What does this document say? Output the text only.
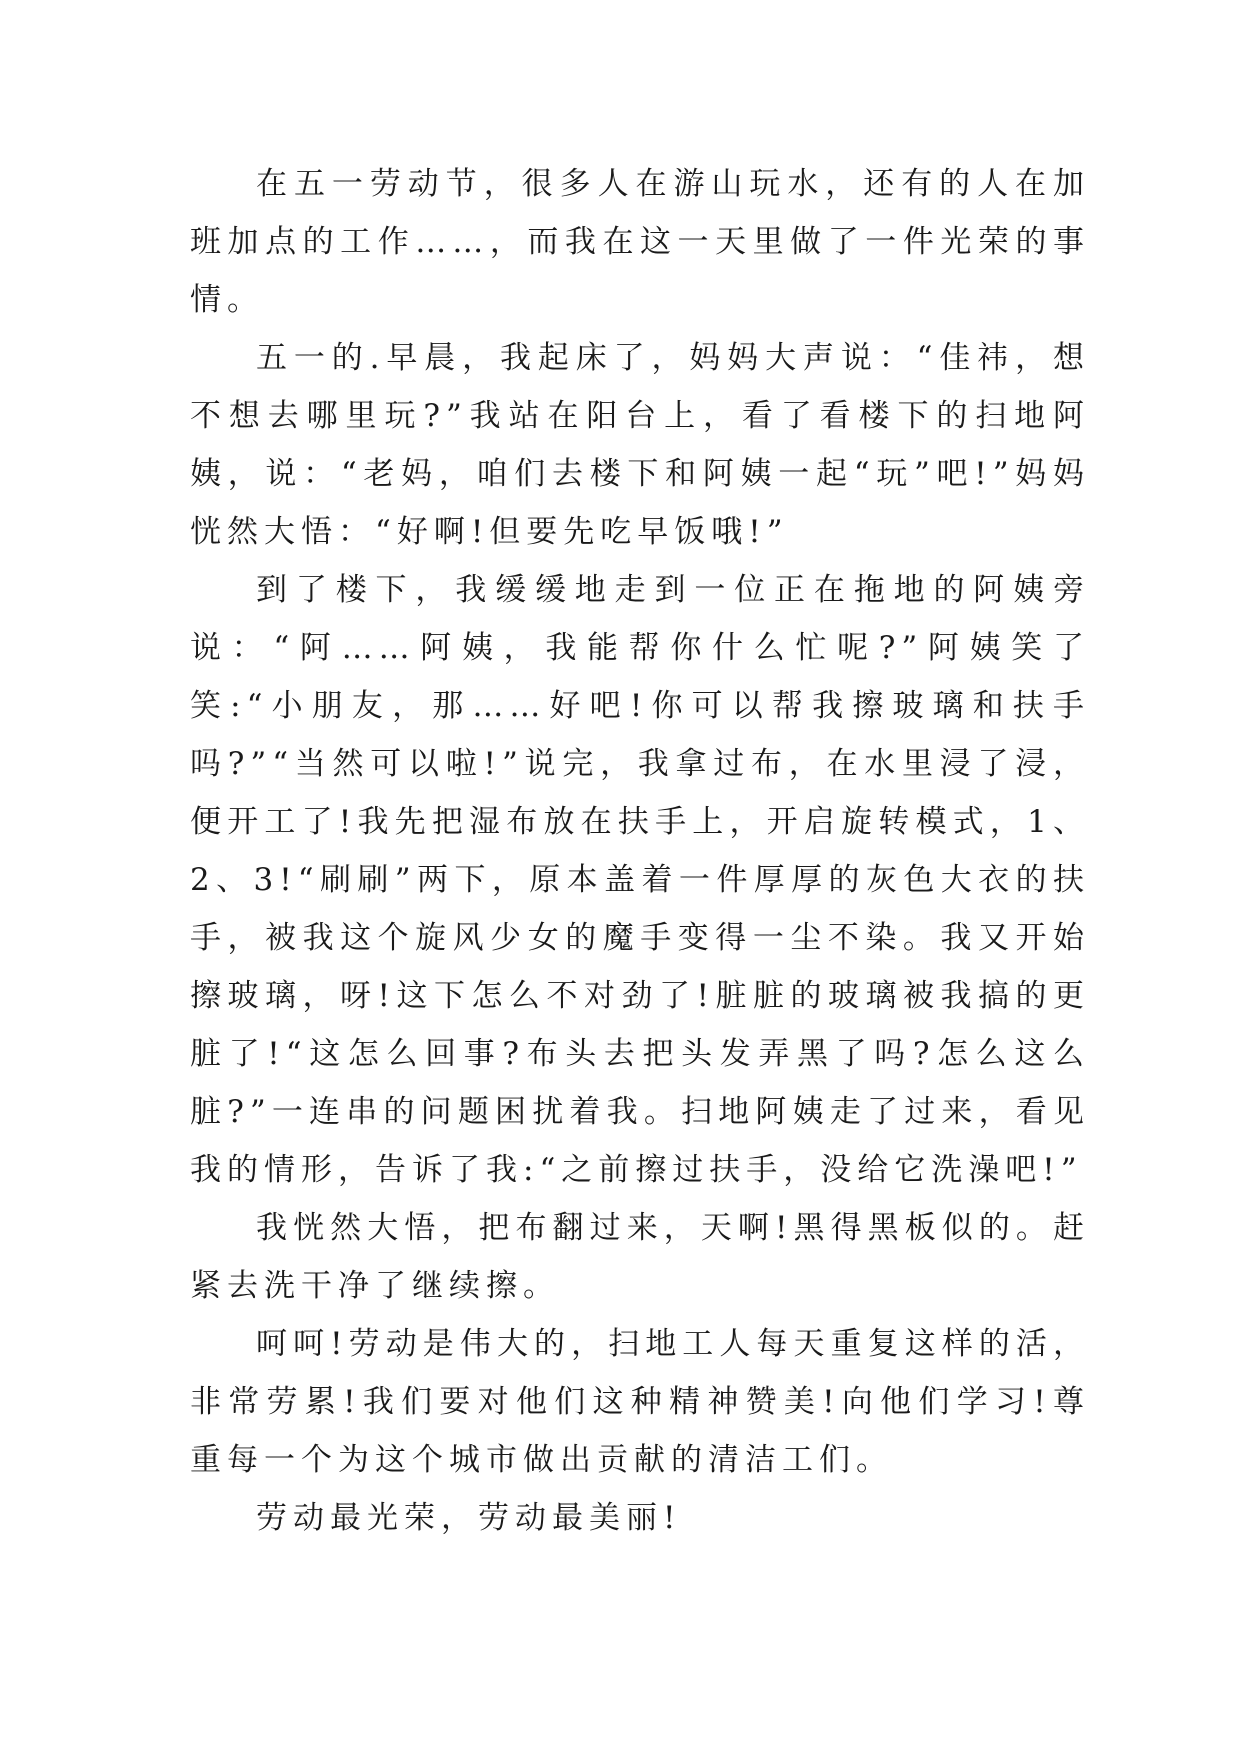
在五一劳动节，很多人在游山玩水，还有的人在加班加点的工作……，而我在这一天里做了一件光荣的事情。

五一的.早晨，我起床了，妈妈大声说：“佳祎，想不想去哪里玩?”我站在阳台上，看了看楼下的扫地阿姨，说：“老妈，咱们去楼下和阿姨一起“玩”吧!”妈妈恍然大悟：“好啊!但要先吃早饭哦!”

到了楼下，我缓缓地走到一位正在拖地的阿姨旁说：“阿……阿姨，我能帮你什么忙呢?”阿姨笑了笑:“小朋友，那……好吧!你可以帮我擦玻璃和扶手吗?”“当然可以啦!”说完，我拿过布，在水里浸了浸，便开工了!我先把湿布放在扶手上，开启旋转模式，1、2、3!“刷刷”两下，原本盖着一件厚厚的灰色大衣的扶手，被我这个旋风少女的魔手变得一尘不染。我又开始擦玻璃，呀!这下怎么不对劲了!脏脏的玻璃被我搞的更脏了!“这怎么回事?布头去把头发弄黑了吗?怎么这么脏?”一连串的问题困扰着我。扫地阿姨走了过来，看见我的情形，告诉了我:“之前擦过扶手，没给它洗澡吧!”

我恍然大悟，把布翻过来，天啊!黑得黑板似的。赶紧去洗干净了继续擦。

呵呵!劳动是伟大的，扫地工人每天重复这样的活，非常劳累!我们要对他们这种精神赞美!向他们学习!尊重每一个为这个城市做出贡献的清洁工们。

劳动最光荣，劳动最美丽!
